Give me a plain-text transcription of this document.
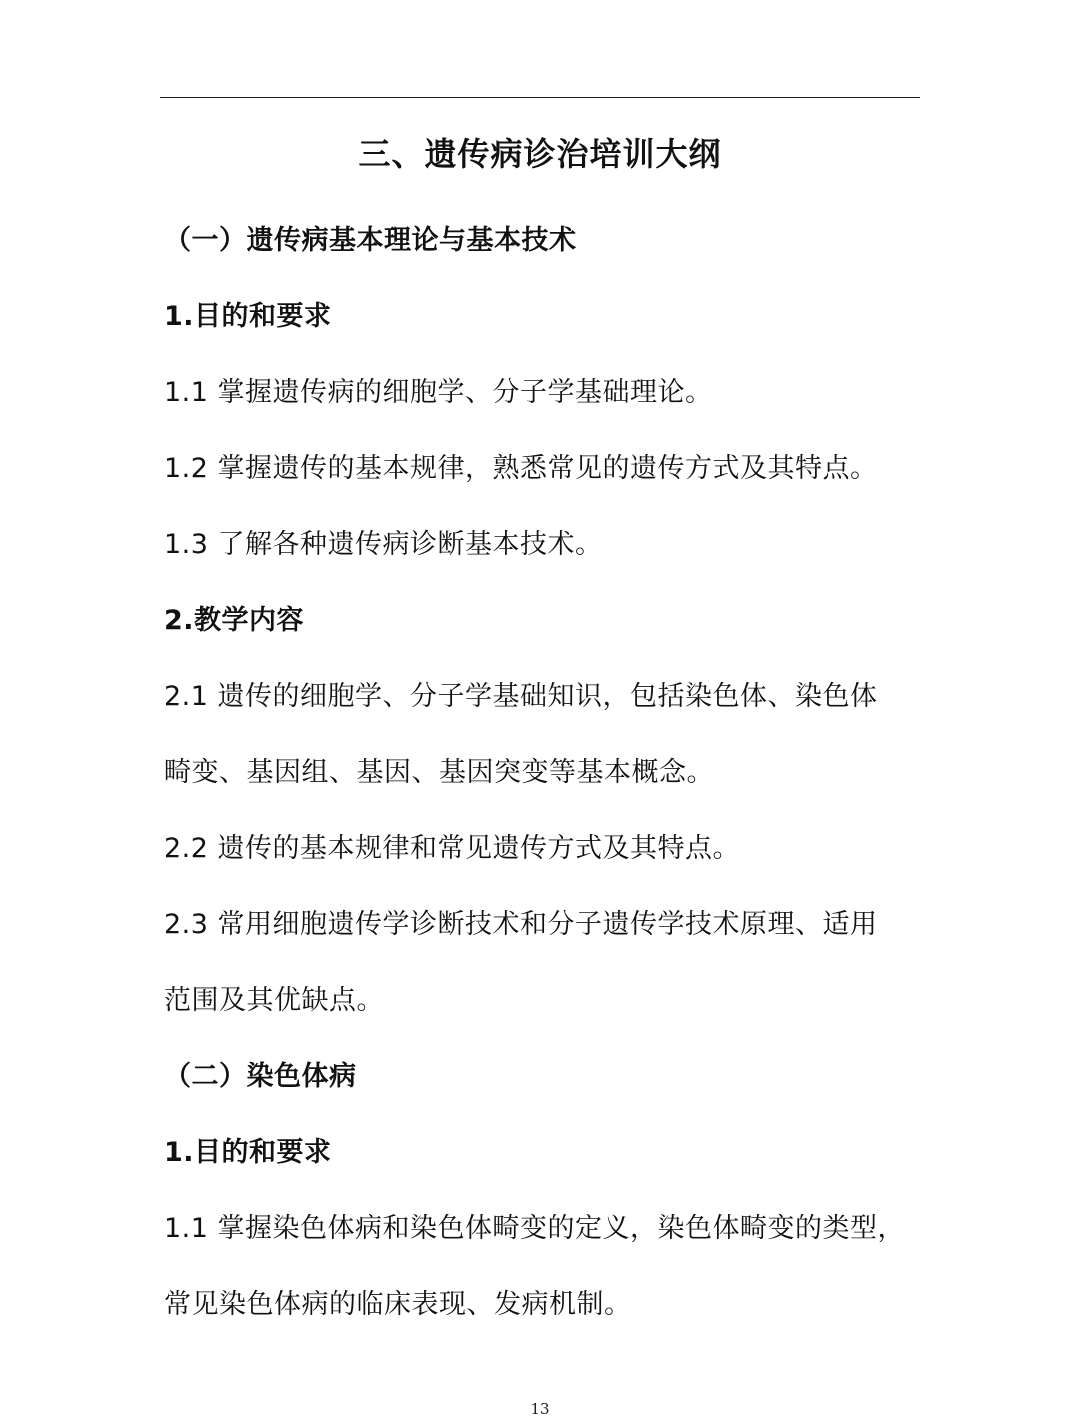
三、遗传病诊治培训大纲
（一）遗传病基本理论与基本技术
1.目的和要求
1.1 掌握遗传病的细胞学、分子学基础理论。
1.2 掌握遗传的基本规律，熟悉常见的遗传方式及其特点。
1.3 了解各种遗传病诊断基本技术。
2.教学内容
2.1 遗传的细胞学、分子学基础知识，包括染色体、染色体
畸变、基因组、基因、基因突变等基本概念。
2.2 遗传的基本规律和常见遗传方式及其特点。
2.3 常用细胞遗传学诊断技术和分子遗传学技术原理、适用
范围及其优缺点。
（二）染色体病
1.目的和要求
1.1 掌握染色体病和染色体畸变的定义，染色体畸变的类型，
常见染色体病的临床表现、发病机制。
13
